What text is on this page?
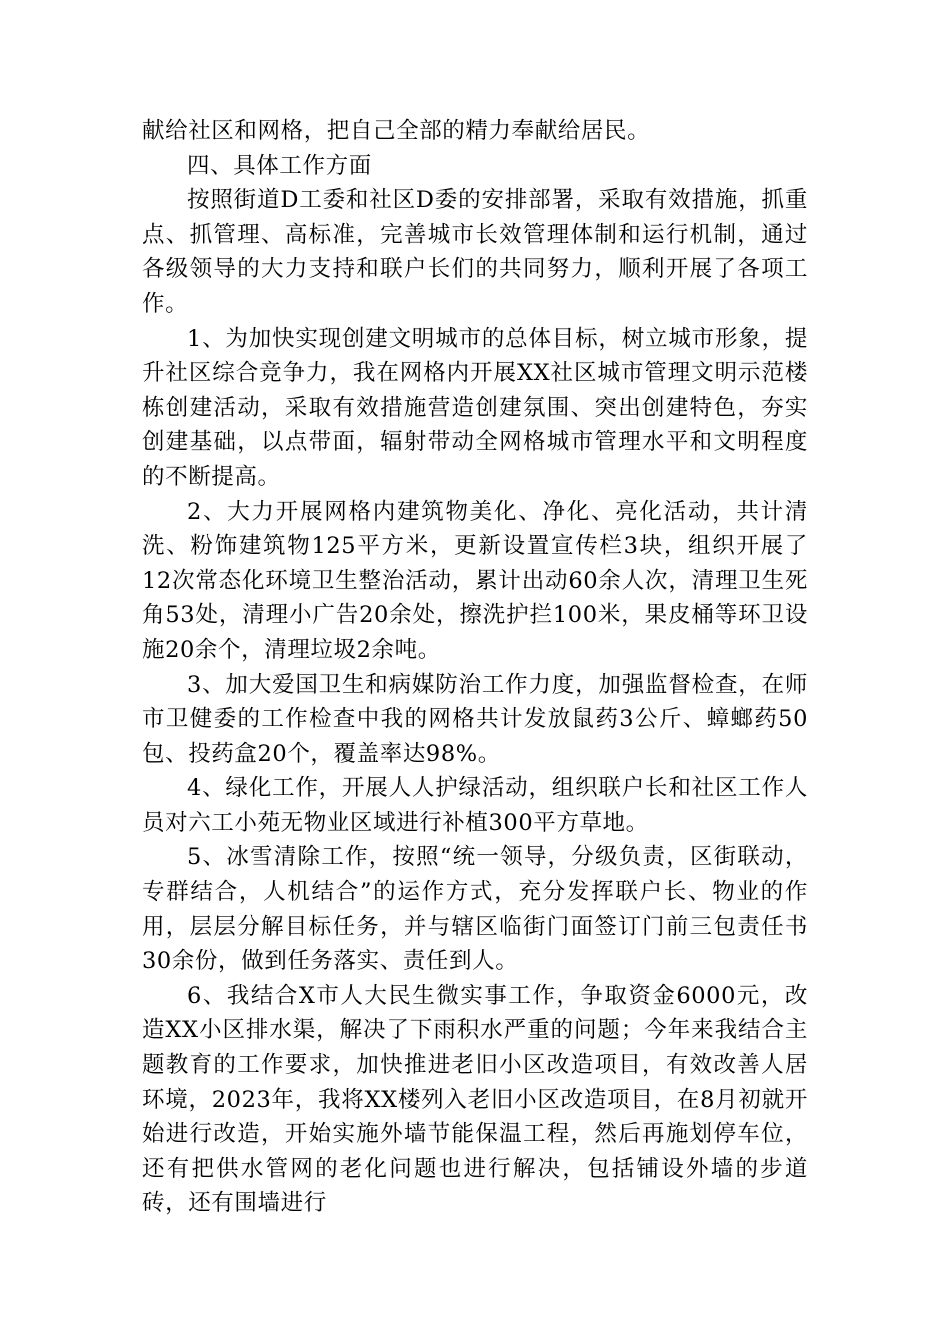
献给社区和网格，把自己全部的精力奉献给居民。

四、具体工作方面

按照街道D工委和社区D委的安排部署，采取有效措施，抓重点、抓管理、高标准，完善城市长效管理体制和运行机制，通过各级领导的大力支持和联户长们的共同努力，顺利开展了各项工作。

1、为加快实现创建文明城市的总体目标，树立城市形象，提升社区综合竞争力，我在网格内开展XX社区城市管理文明示范楼栋创建活动，采取有效措施营造创建氛围、突出创建特色，夯实创建基础，以点带面，辐射带动全网格城市管理水平和文明程度的不断提高。

2、大力开展网格内建筑物美化、净化、亮化活动，共计清洗、粉饰建筑物125平方米，更新设置宣传栏3块，组织开展了12次常态化环境卫生整治活动，累计出动60余人次，清理卫生死角53处，清理小广告20余处，擦洗护拦100米，果皮桶等环卫设施20余个，清理垃圾2余吨。

3、加大爱国卫生和病媒防治工作力度，加强监督检查，在师市卫健委的工作检查中我的网格共计发放鼠药3公斤、蟑螂药50包、投药盒20个，覆盖率达98%。

4、绿化工作，开展人人护绿活动，组织联户长和社区工作人员对六工小苑无物业区域进行补植300平方草地。

5、冰雪清除工作，按照“统一领导，分级负责，区街联动，专群结合，人机结合”的运作方式，充分发挥联户长、物业的作用，层层分解目标任务，并与辖区临街门面签订门前三包责任书30余份，做到任务落实、责任到人。

6、我结合X市人大民生微实事工作，争取资金6000元，改造XX小区排水渠，解决了下雨积水严重的问题；今年来我结合主题教育的工作要求，加快推进老旧小区改造项目，有效改善人居环境，2023年，我将XX楼列入老旧小区改造项目，在8月初就开始进行改造，开始实施外墙节能保温工程，然后再施划停车位，还有把供水管网的老化问题也进行解决，包括铺设外墙的步道砖，还有围墙进行
